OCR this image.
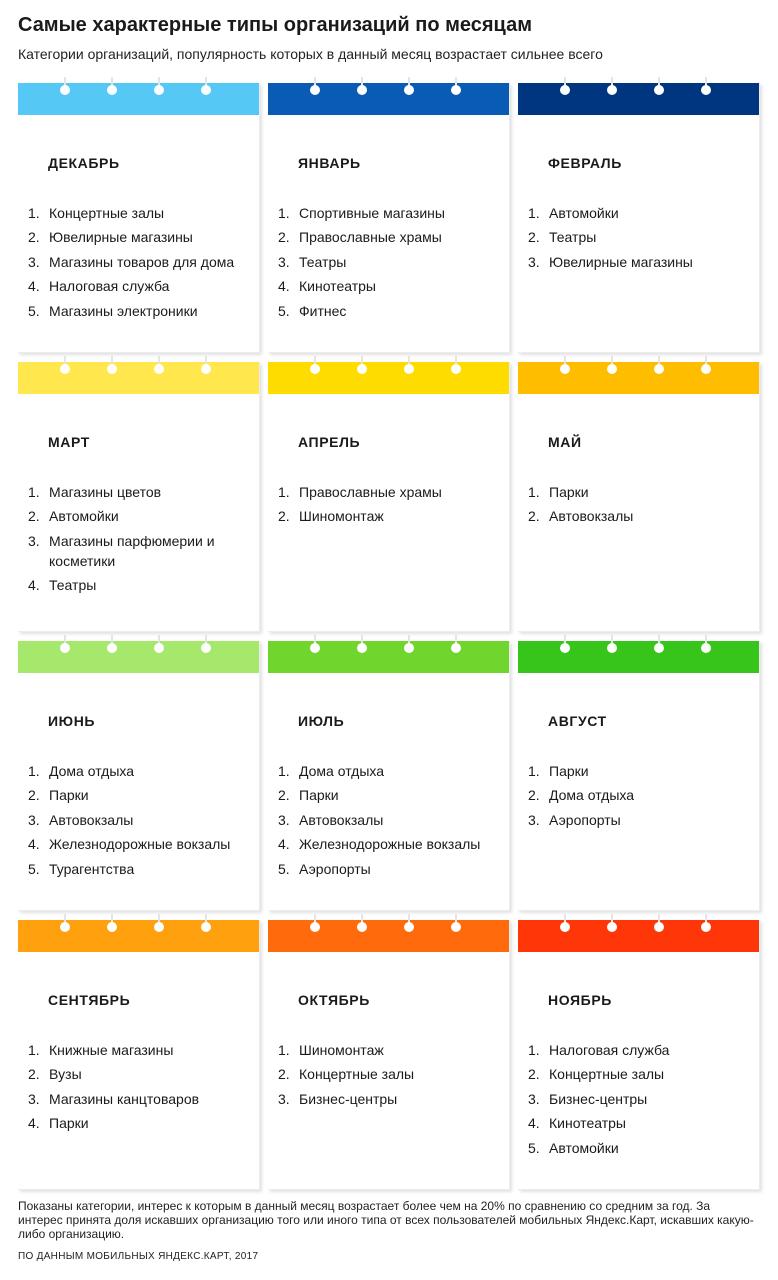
Самые характерные типы организаций по месяцам

Категории организаций, популярность которых в данный месяц возрастает сильнее всего

ДЕКАБРЬ
1. Концертные залы
2. Ювелирные магазины
3. Магазины товаров для дома
4. Налоговая служба
5. Магазины электроники
ЯНВАРЬ
1. Спортивные магазины
2. Православные храмы
3. Театры
4. Кинотеатры
5. Фитнес
ФЕВРАЛЬ
1. Автомойки
2. Театры
3. Ювелирные магазины
МАРТ
1. Магазины цветов
2. Автомойки
3. Магазины парфюмерии и косметики
4. Театры
АПРЕЛЬ
1. Православные храмы
2. Шиномонтаж
МАЙ
1. Парки
2. Автовокзалы
ИЮНЬ
1. Дома отдыха
2. Парки
3. Автовокзалы
4. Железнодорожные вокзалы
5. Турагентства
ИЮЛЬ
1. Дома отдыха
2. Парки
3. Автовокзалы
4. Железнодорожные вокзалы
5. Аэропорты
АВГУСТ
1. Парки
2. Дома отдыха
3. Аэропорты
СЕНТЯБРЬ
1. Книжные магазины
2. Вузы
3. Магазины канцтоваров
4. Парки
ОКТЯБРЬ
1. Шиномонтаж
2. Концертные залы
3. Бизнес-центры
НОЯБРЬ
1. Налоговая служба
2. Концертные залы
3. Бизнес-центры
4. Кинотеатры
5. Автомойки

Показаны категории, интерес к которым в данный месяц возрастает более чем на 20% по сравнению со средним за год. За интерес принята доля искавших организацию того или иного типа от всех пользователей мобильных Яндекс.Карт, искавших какую-либо организацию.

ПО ДАННЫМ МОБИЛЬНЫХ ЯНДЕКС.КАРТ, 2017
